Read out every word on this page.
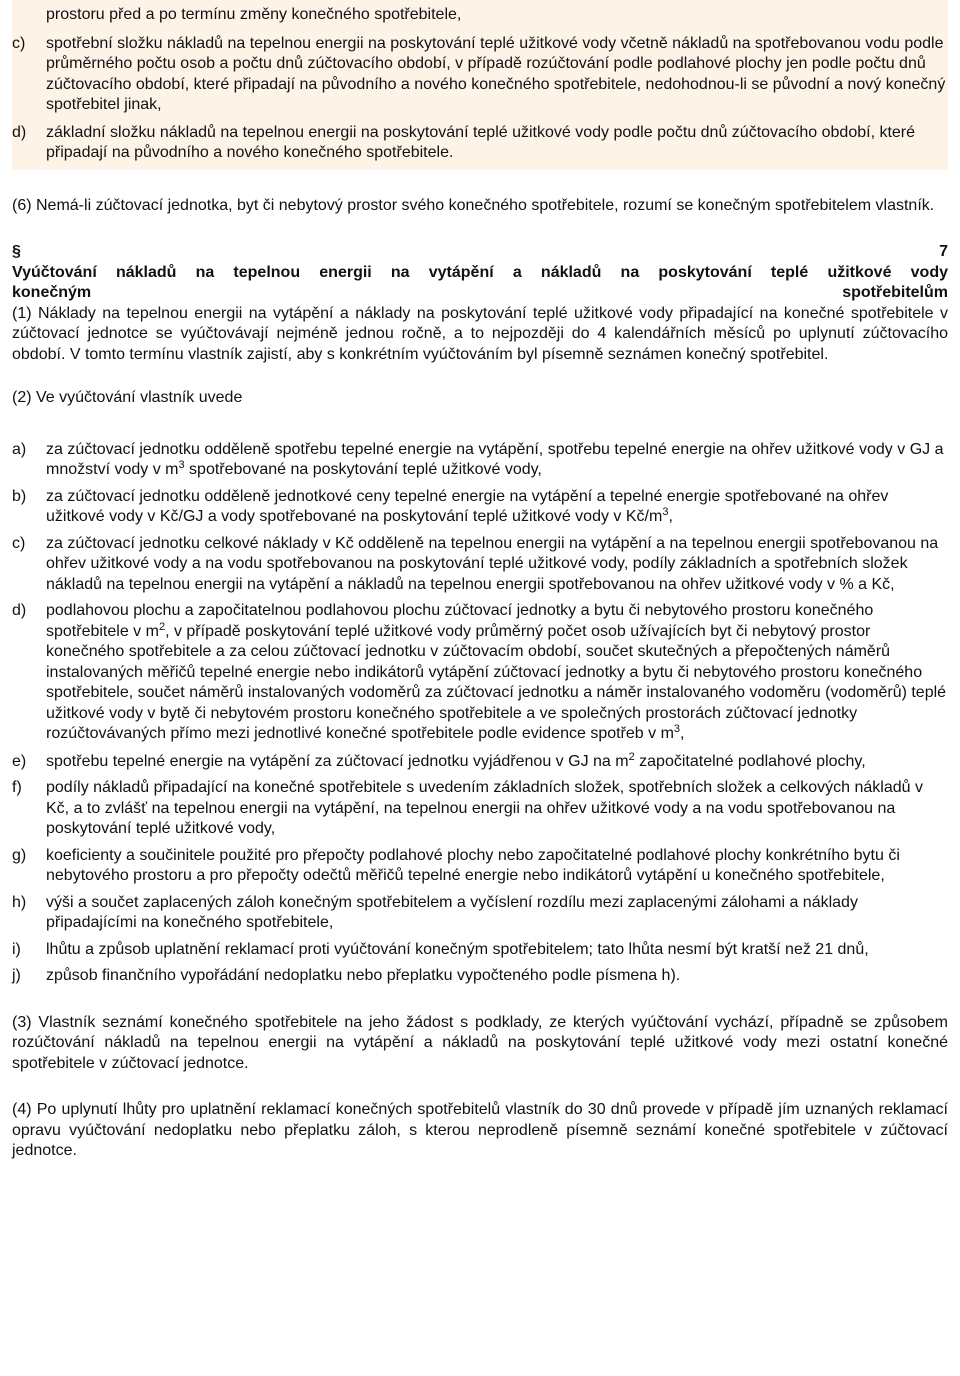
prostoru před a po termínu změny konečného spotřebitele,
c)	spotřební složku nákladů na tepelnou energii na poskytování teplé užitkové vody včetně nákladů na spotřebovanou vodu podle průměrného počtu osob a počtu dnů zúčtovacího období, v případě rozúčtování podle podlahové plochy jen podle počtu dnů zúčtovacího období, které připadají na původního a nového konečného spotřebitele, nedohodnou-li se původní a nový konečný spotřebitel jinak,
d)	základní složku nákladů na tepelnou energii na poskytování teplé užitkové vody podle počtu dnů zúčtovacího období, které připadají na původního a nového konečného spotřebitele.

(6) Nemá-li zúčtovací jednotka, byt či nebytový prostor svého konečného spotřebitele, rozumí se konečným spotřebitelem vlastník.

§	7
Vyúčtování nákladů na tepelnou energii na vytápění a nákladů na poskytování teplé užitkové vody
konečným	spotřebitelům

(1) Náklady na tepelnou energii na vytápění a náklady na poskytování teplé užitkové vody připadající na konečné spotřebitele v zúčtovací jednotce se vyúčtovávají nejméně jednou ročně, a to nejpozději do 4 kalendářních měsíců po uplynutí zúčtovacího období. V tomto termínu vlastník zajistí, aby s konkrétním vyúčtováním byl písemně seznámen konečný spotřebitel.

(2) Ve vyúčtování vlastník uvede

a)	za zúčtovací jednotku odděleně spotřebu tepelné energie na vytápění, spotřebu tepelné energie na ohřev užitkové vody v GJ a množství vody v $m^3$ spotřebované na poskytování teplé užitkové vody,
b)	za zúčtovací jednotku odděleně jednotkové ceny tepelné energie na vytápění a tepelné energie spotřebované na ohřev užitkové vody v Kč/GJ a vody spotřebované na poskytování teplé užitkové vody v $Kč/m^3$,
c)	za zúčtovací jednotku celkové náklady v Kč odděleně na tepelnou energii na vytápění a na tepelnou energii spotřebovanou na ohřev užitkové vody a na vodu spotřebovanou na poskytování teplé užitkové vody, podíly základních a spotřebních složek nákladů na tepelnou energii na vytápění a nákladů na tepelnou energii spotřebovanou na ohřev užitkové vody v % a Kč,
d)	podlahovou plochu a započitatelnou podlahovou plochu zúčtovací jednotky a bytu či nebytového prostoru konečného spotřebitele v $m^2$, v případě poskytování teplé užitkové vody průměrný počet osob užívajících byt či nebytový prostor konečného spotřebitele a za celou zúčtovací jednotku v zúčtovacím období, součet skutečných a přepočtených náměrů instalovaných měřičů tepelné energie nebo indikátorů vytápění zúčtovací jednotky a bytu či nebytového prostoru konečného spotřebitele, součet náměrů instalovaných vodoměrů za zúčtovací jednotku a náměr instalovaného vodoměru (vodoměrů) teplé užitkové vody v bytě či nebytovém prostoru konečného spotřebitele a ve společných prostorách zúčtovací jednotky rozúčtovávaných přímo mezi jednotlivé konečné spotřebitele podle evidence spotřeb v $m^3$,
e)	spotřebu tepelné energie na vytápění za zúčtovací jednotku vyjádřenou v GJ na $m^2$ započitatelné podlahové plochy,
f)	podíly nákladů připadající na konečné spotřebitele s uvedením základních složek, spotřebních složek a celkových nákladů v Kč, a to zvlášť na tepelnou energii na vytápění, na tepelnou energii na ohřev užitkové vody a na vodu spotřebovanou na poskytování teplé užitkové vody,
g)	koeficienty a součinitele použité pro přepočty podlahové plochy nebo započitatelné podlahové plochy konkrétního bytu či nebytového prostoru a pro přepočty odečtů měřičů tepelné energie nebo indikátorů vytápění u konečného spotřebitele,
h)	výši a součet zaplacených záloh konečným spotřebitelem a vyčíslení rozdílu mezi zaplacenými zálohami a náklady připadajícími na konečného spotřebitele,
i)	lhůtu a způsob uplatnění reklamací proti vyúčtování konečným spotřebitelem; tato lhůta nesmí být kratší než 21 dnů,
j)	způsob finančního vypořádání nedoplatku nebo přeplatku vypočteného podle písmena h).

(3) Vlastník seznámí konečného spotřebitele na jeho žádost s podklady, ze kterých vyúčtování vychází, případně se způsobem rozúčtování nákladů na tepelnou energii na vytápění a nákladů na poskytování teplé užitkové vody mezi ostatní konečné spotřebitele v zúčtovací jednotce.

(4) Po uplynutí lhůty pro uplatnění reklamací konečných spotřebitelů vlastník do 30 dnů provede v případě jím uznaných reklamací opravu vyúčtování nedoplatku nebo přeplatku záloh, s kterou neprodleně písemně seznámí konečné spotřebitele v zúčtovací jednotce.
